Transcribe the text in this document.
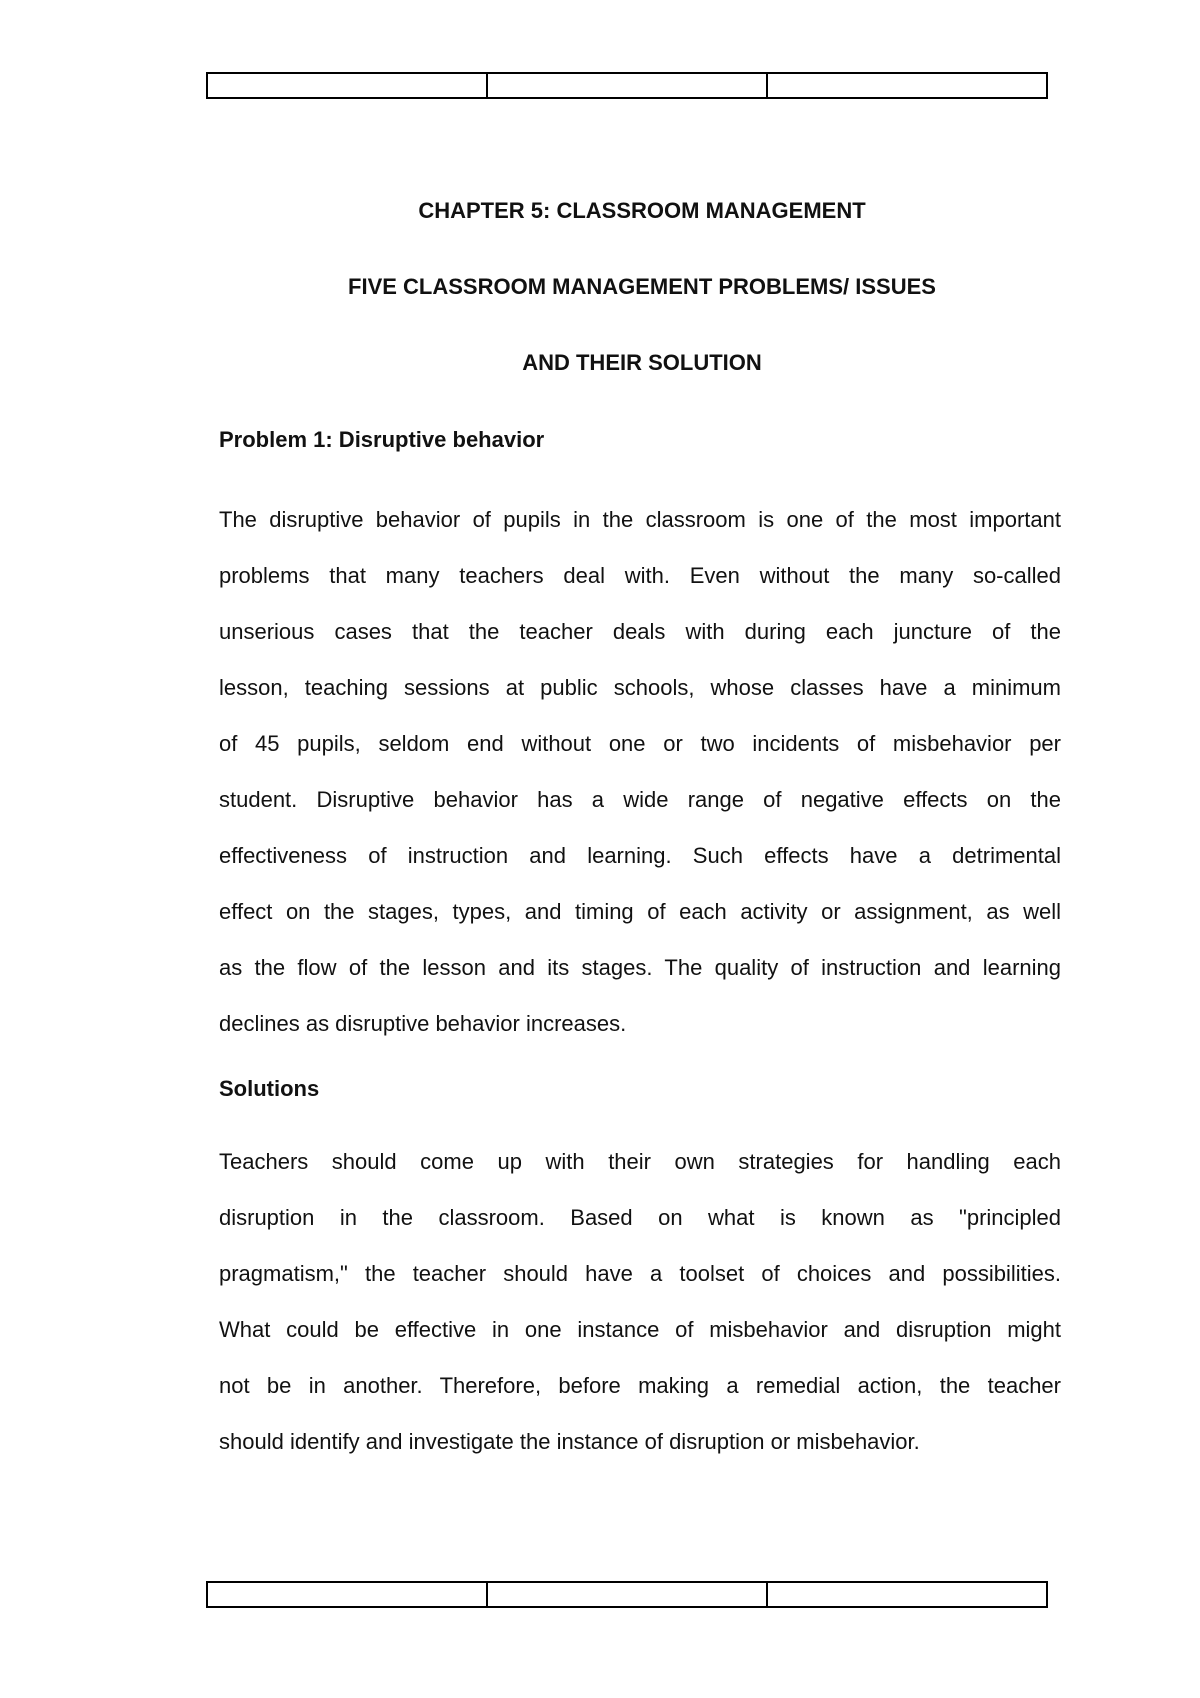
CHAPTER 5: CLASSROOM MANAGEMENT
FIVE CLASSROOM MANAGEMENT PROBLEMS/ ISSUES
AND THEIR SOLUTION
Problem 1: Disruptive behavior
The disruptive behavior of pupils in the classroom is one of the most important
problems that many teachers deal with. Even without the many so-called
unserious cases that the teacher deals with during each juncture of the
lesson, teaching sessions at public schools, whose classes have a minimum
of 45 pupils, seldom end without one or two incidents of misbehavior per
student. Disruptive behavior has a wide range of negative effects on the
effectiveness of instruction and learning. Such effects have a detrimental
effect on the stages, types, and timing of each activity or assignment, as well
as the flow of the lesson and its stages. The quality of instruction and learning
declines as disruptive behavior increases.
Solutions
Teachers should come up with their own strategies for handling each
disruption in the classroom. Based on what is known as "principled
pragmatism," the teacher should have a toolset of choices and possibilities.
What could be effective in one instance of misbehavior and disruption might
not be in another. Therefore, before making a remedial action, the teacher
should identify and investigate the instance of disruption or misbehavior.
